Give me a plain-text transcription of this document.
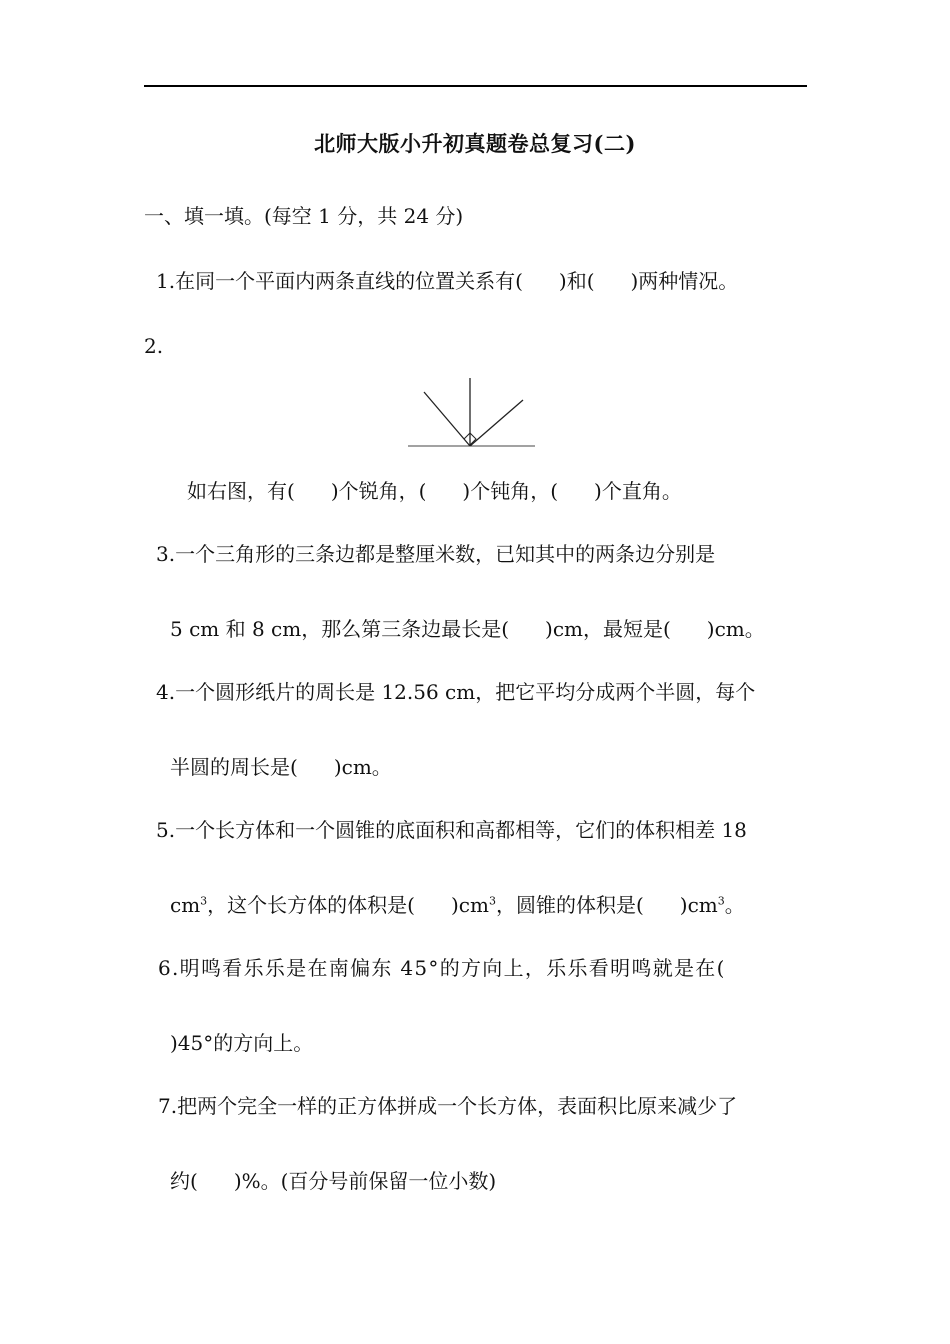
北师大版小升初真题卷总复习(二)
一、填一填。(每空 1 分，共 24 分)
1.在同一个平面内两条直线的位置关系有( )和( )两种情况。
2.
如右图，有( )个锐角，( )个钝角，( )个直角。
3.一个三角形的三条边都是整厘米数，已知其中的两条边分别是
5 cm 和 8 cm，那么第三条边最长是( )cm，最短是( )cm。
4.一个圆形纸片的周长是 12.56 cm，把它平均分成两个半圆，每个
半圆的周长是( )cm。
5.一个长方体和一个圆锥的底面积和高都相等，它们的体积相差 18
$cm^3$，这个长方体的体积是( )$cm^3$，圆锥的体积是( )$cm^3$。
6.明鸣看乐乐是在南偏东 45°的方向上，乐乐看明鸣就是在(
)45°的方向上。
7.把两个完全一样的正方体拼成一个长方体，表面积比原来减少了
约( )%。(百分号前保留一位小数)
